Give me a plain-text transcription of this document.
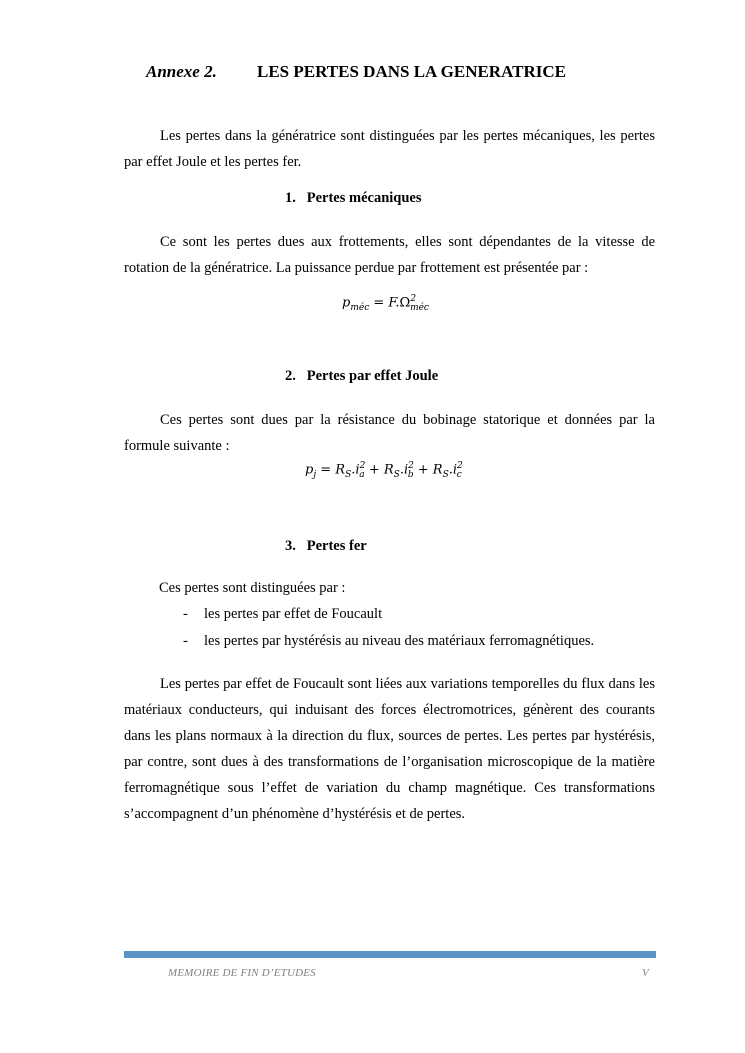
Annexe 2. LES PERTES DANS LA GENERATRICE

Les pertes dans la génératrice sont distinguées par les pertes mécaniques, les pertes par effet Joule et les pertes fer.

1. Pertes mécaniques

Ce sont les pertes dues aux frottements, elles sont dépendantes de la vitesse de rotation de la génératrice. La puissance perdue par frottement est présentée par :

$p_{méc} = F.\Omega^2_{méc}$
2. Pertes par effet Joule

Ces pertes sont dues par la résistance du bobinage statorique et données par la formule suivante :

$p_j = R_S.i^2_a + R_S.i^2_b + R_S.i^2_c$
3. Pertes fer
Ces pertes sont distinguées par :
- les pertes par effet de Foucault
- les pertes par hystérésis au niveau des matériaux ferromagnétiques.

Les pertes par effet de Foucault sont liées aux variations temporelles du flux dans les matériaux conducteurs, qui induisant des forces électromotrices, génèrent des courants dans les plans normaux à la direction du flux, sources de pertes. Les pertes par hystérésis, par contre, sont dues à des transformations de l’organisation microscopique de la matière ferromagnétique sous l’effet de variation du champ magnétique. Ces transformations s’accompagnent d’un phénomène d’hystérésis et de pertes.

MEMOIRE DE FIN D’ETUDES	V
